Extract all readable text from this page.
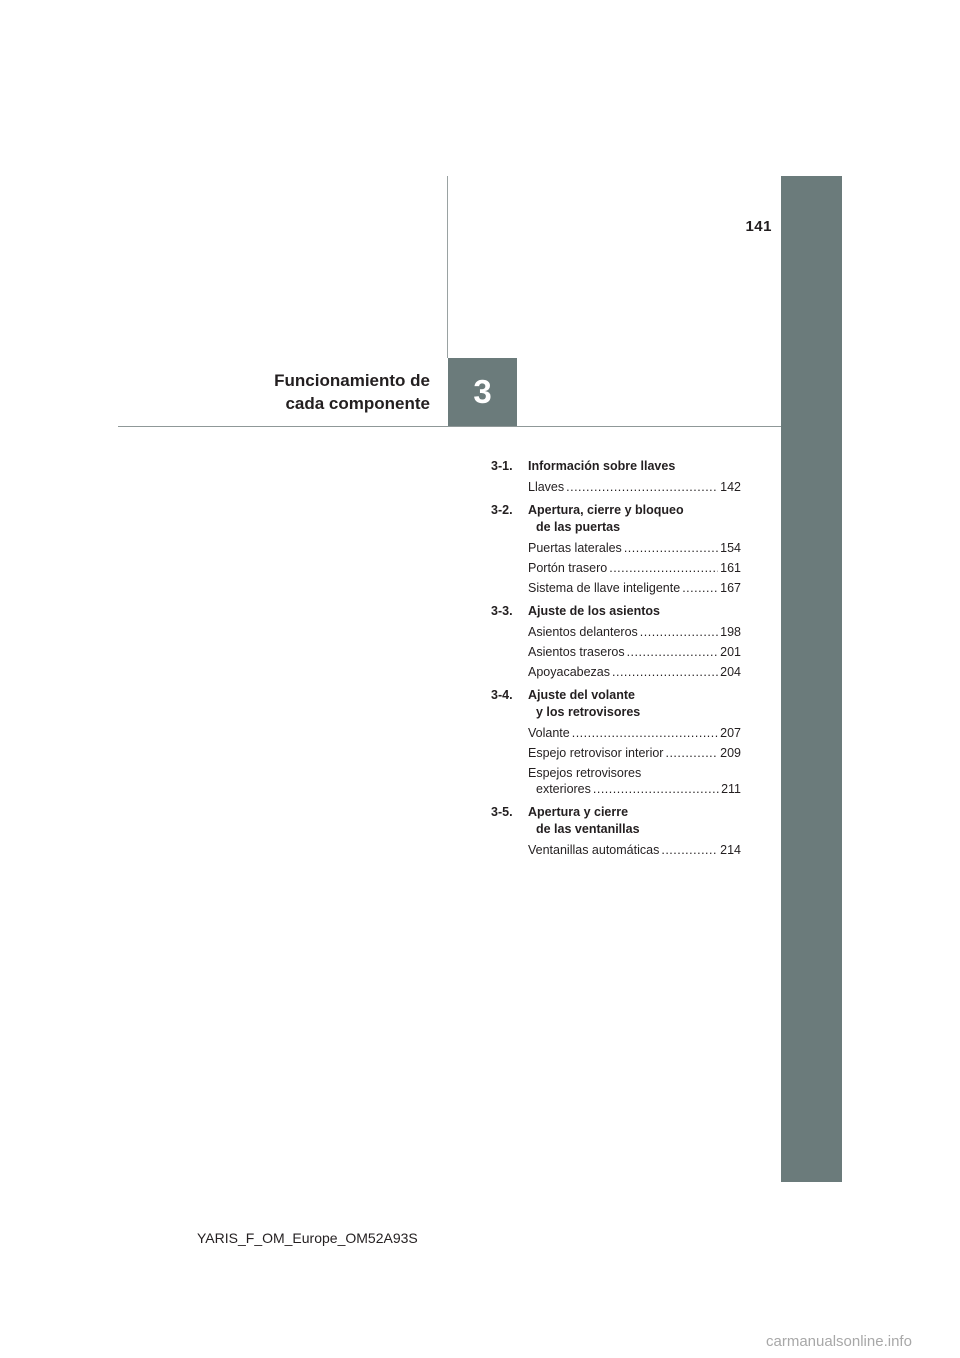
141
Funcionamiento de
cada componente	3
3-1.	Información sobre llaves
Llaves .....	142
3-2.	Apertura, cierre y bloqueo
de las puertas
Puertas laterales .....	154
Portón trasero .....	161
Sistema de llave inteligente .....	167
3-3.	Ajuste de los asientos
Asientos delanteros .....	198
Asientos traseros .....	201
Apoyacabezas .....	204
3-4.	Ajuste del volante
y los retrovisores
Volante .....	207
Espejo retrovisor interior .....	209
Espejos retrovisores
exteriores .....	211
3-5.	Apertura y cierre
de las ventanillas
Ventanillas automáticas .....	214
YARIS_F_OM_Europe_OM52A93S
carmanualsonline.info
